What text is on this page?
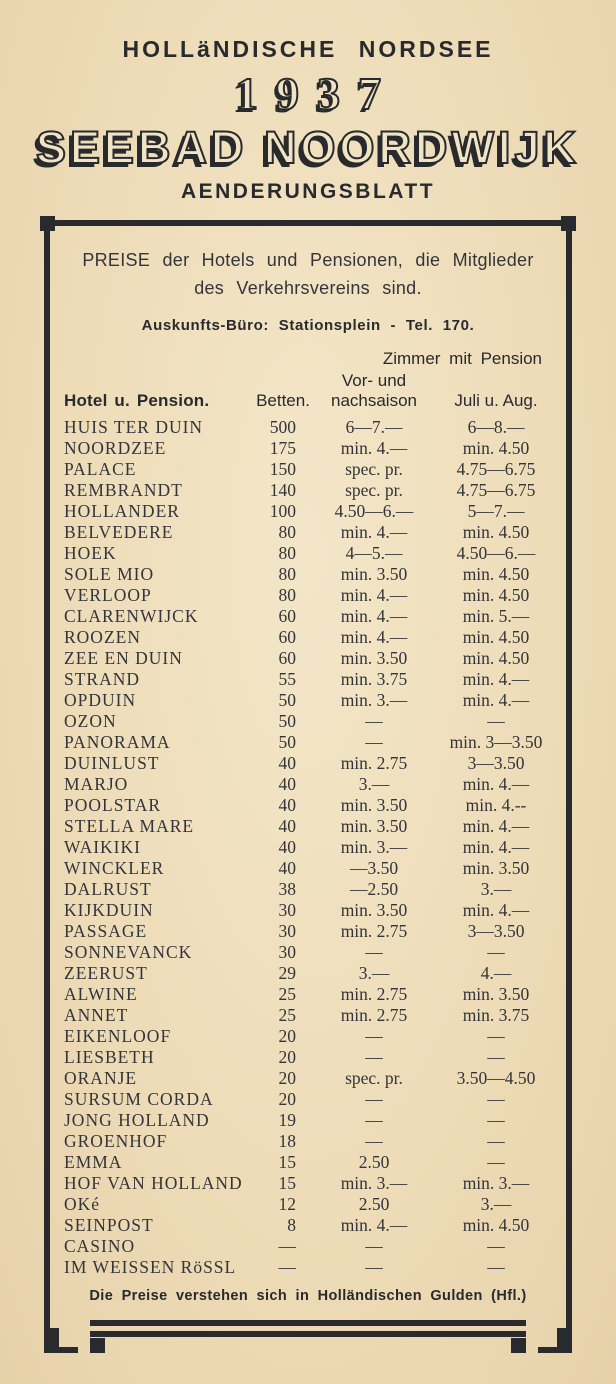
HOLLäNDISCHE NORDSEE
1937
SEEBAD NOORDWIJK
AENDERUNGSBLATT
PREISE der Hotels und Pensionen, die Mitglieder
des Verkehrsvereins sind.
Auskunfts-Büro: Stationsplein - Tel. 170.
Zimmer mit Pension
Hotel u. Pension.	Betten.
Vor- und
nachsaison	Juli u. Aug.
HUIS TER DUIN	500	6—7.—	6—8.—
NOORDZEE	175	min. 4.—	min. 4.50
PALACE	150	spec. pr.	4.75—6.75
REMBRANDT	140	spec. pr.	4.75—6.75
HOLLANDER	100	4.50—6.—	5—7.—
BELVEDERE	80	min. 4.—	min. 4.50
HOEK	80	4—5.—	4.50—6.—
SOLE MIO	80	min. 3.50	min. 4.50
VERLOOP	80	min. 4.—	min. 4.50
CLARENWIJCK	60	min. 4.—	min. 5.—
ROOZEN	60	min. 4.—	min. 4.50
ZEE EN DUIN	60	min. 3.50	min. 4.50
STRAND	55	min. 3.75	min. 4.—
OPDUIN	50	min. 3.—	min. 4.—
OZON	50	—	—
PANORAMA	50	—	min. 3—3.50
DUINLUST	40	min. 2.75	3—3.50
MARJO	40	3.—	min. 4.—
POOLSTAR	40	min. 3.50	min. 4.--
STELLA MARE	40	min. 3.50	min. 4.—
WAIKIKI	40	min. 3.—	min. 4.—
WINCKLER	40	—3.50	min. 3.50
DALRUST	38	—2.50	3.—
KIJKDUIN	30	min. 3.50	min. 4.—
PASSAGE	30	min. 2.75	3—3.50
SONNEVANCK	30	—	—
ZEERUST	29	3.—	4.—
ALWINE	25	min. 2.75	min. 3.50
ANNET	25	min. 2.75	min. 3.75
EIKENLOOF	20	—	—
LIESBETH	20	—	—
ORANJE	20	spec. pr.	3.50—4.50
SURSUM CORDA	20	—	—
JONG HOLLAND	19	—	—
GROENHOF	18	—	—
EMMA	15	2.50	—
HOF VAN HOLLAND	15	min. 3.—	min. 3.—
OKé	12	2.50	3.—
SEINPOST	8	min. 4.—	min. 4.50
CASINO	—	—	—
IM WEISSEN RöSSL	—	—	—
Die Preise verstehen sich in Holländischen Gulden (Hfl.)
